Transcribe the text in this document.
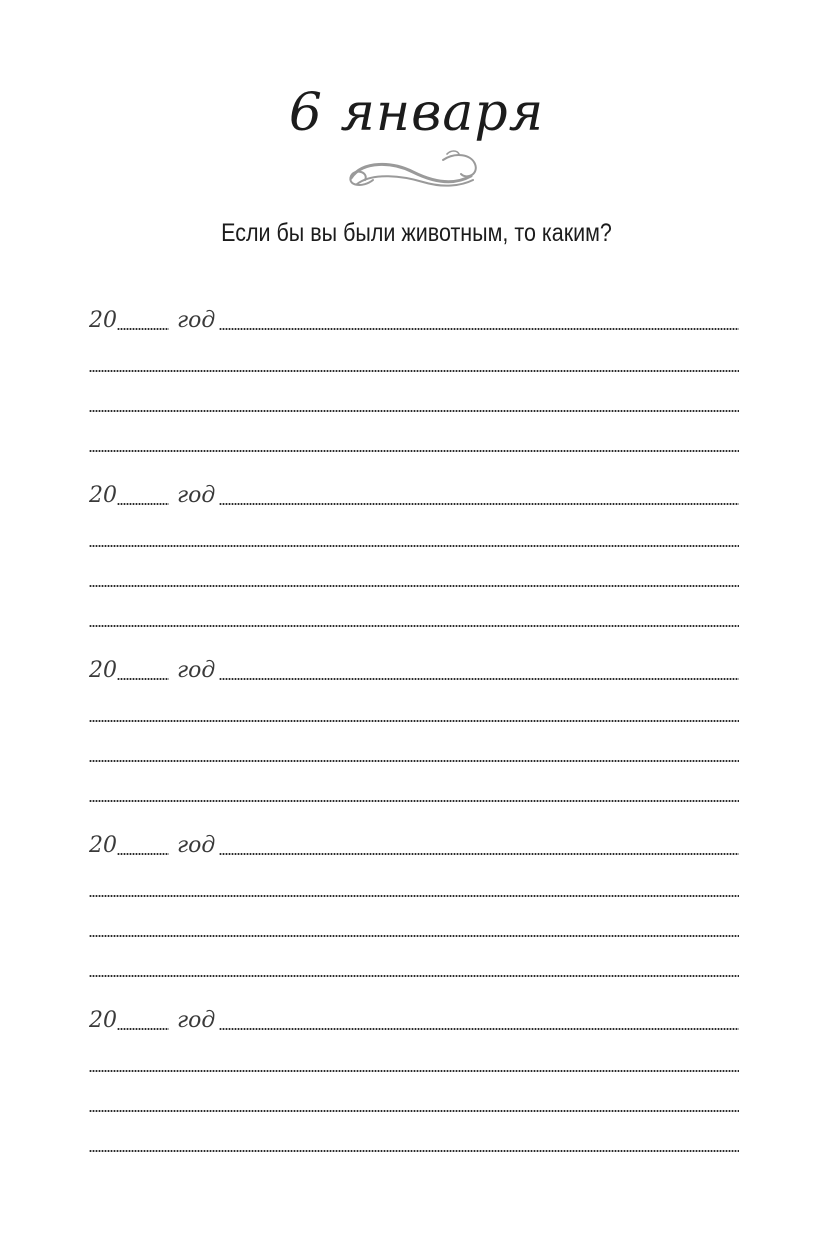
6 января
Если бы вы были животным, то каким?
20	год
20	год
20	год
20	год
20	год
